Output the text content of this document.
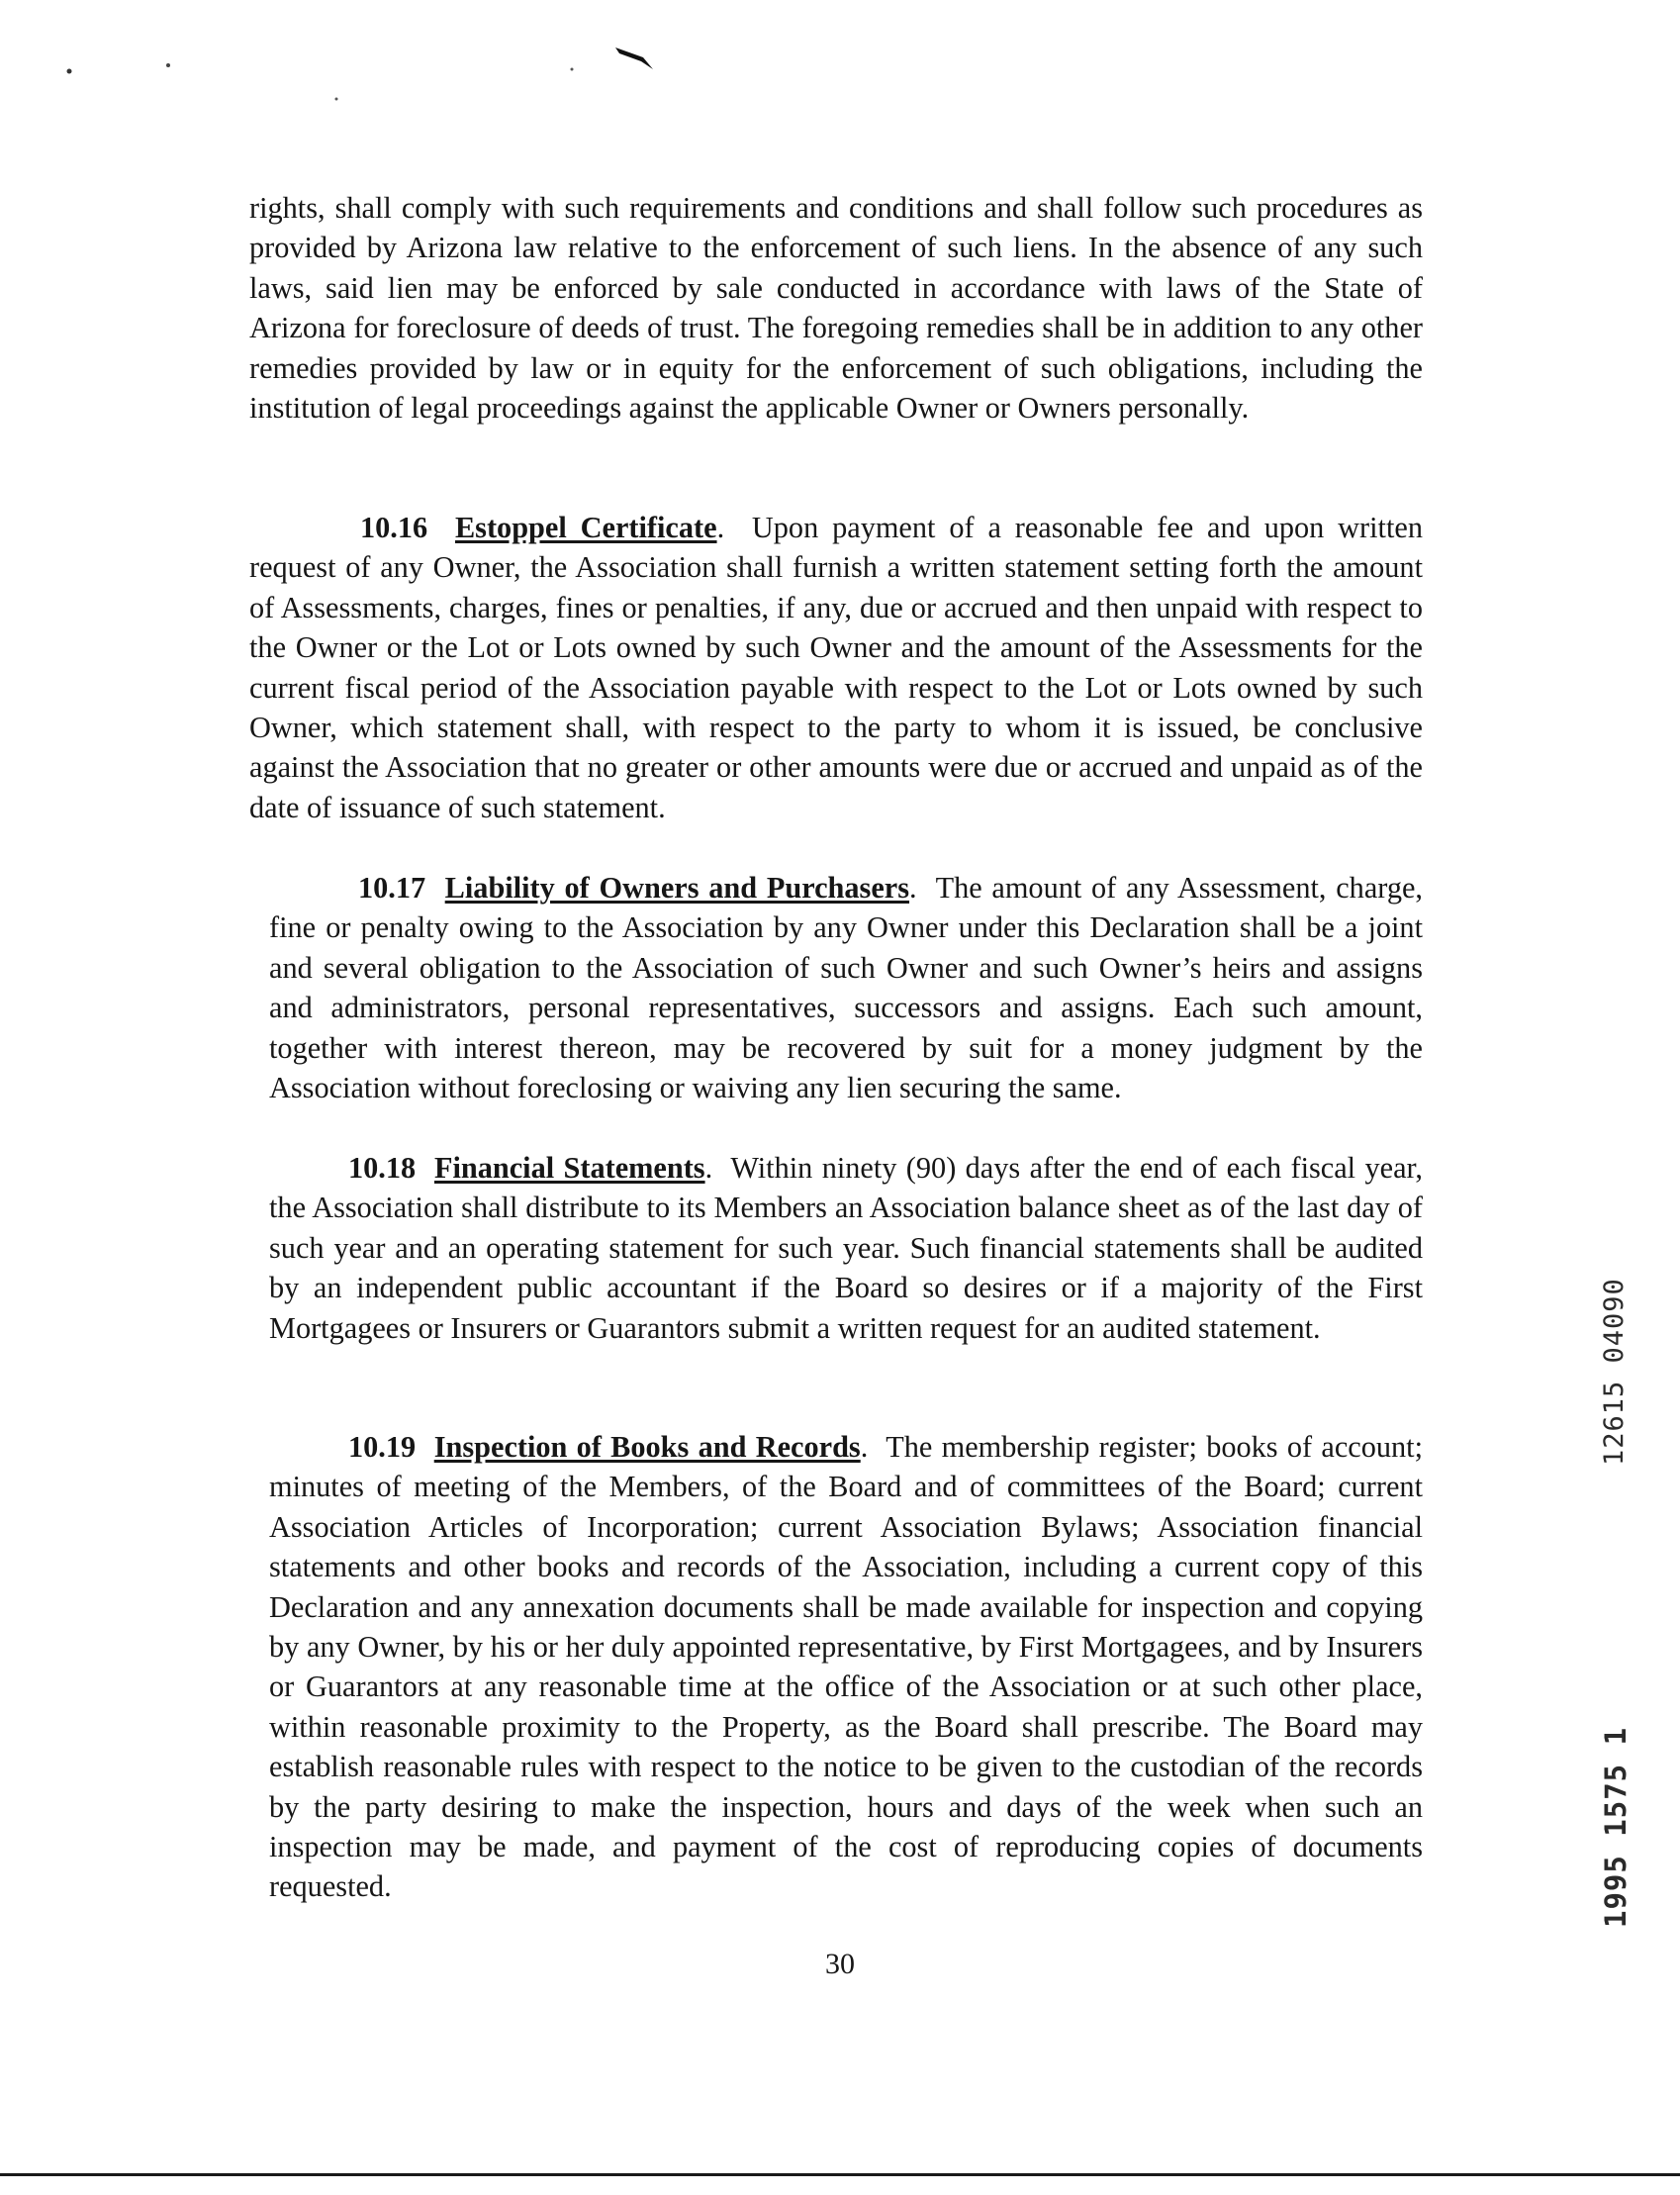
rights, shall comply with such requirements and conditions and shall follow such procedures as provided by Arizona law relative to the enforcement of such liens. In the absence of any such laws, said lien may be enforced by sale conducted in accordance with laws of the State of Arizona for foreclosure of deeds of trust. The foregoing remedies shall be in addition to any other remedies provided by law or in equity for the enforcement of such obligations, including the institution of legal proceedings against the applicable Owner or Owners personally.

10.16 Estoppel Certificate.  Upon payment of a reasonable fee and upon written request of any Owner, the Association shall furnish a written statement setting forth the amount of Assessments, charges, fines or penalties, if any, due or accrued and then unpaid with respect to the Owner or the Lot or Lots owned by such Owner and the amount of the Assessments for the current fiscal period of the Association payable with respect to the Lot or Lots owned by such Owner, which statement shall, with respect to the party to whom it is issued, be conclusive against the Association that no greater or other amounts were due or accrued and unpaid as of the date of issuance of such statement.

10.17 Liability of Owners and Purchasers.  The amount of any Assessment, charge, fine or penalty owing to the Association by any Owner under this Declaration shall be a joint and several obligation to the Association of such Owner and such Owner’s heirs and assigns and administrators, personal representatives, successors and assigns. Each such amount, together with interest thereon, may be recovered by suit for a money judgment by the Association without foreclosing or waiving any lien securing the same.

10.18 Financial Statements.  Within ninety (90) days after the end of each fiscal year, the Association shall distribute to its Members an Association balance sheet as of the last day of such year and an operating statement for such year. Such financial statements shall be audited by an independent public accountant if the Board so desires or if a majority of the First Mortgagees or Insurers or Guarantors submit a written request for an audited statement.

10.19 Inspection of Books and Records.  The membership register; books of account; minutes of meeting of the Members, of the Board and of committees of the Board; current Association Articles of Incorporation; current Association Bylaws; Association financial statements and other books and records of the Association, including a current copy of this Declaration and any annexation documents shall be made available for inspection and copying by any Owner, by his or her duly appointed representative, by First Mortgagees, and by Insurers or Guarantors at any reasonable time at the office of the Association or at such other place, within reasonable proximity to the Property, as the Board shall prescribe. The Board may establish reasonable rules with respect to the notice to be given to the custodian of the records by the party desiring to make the inspection, hours and days of the week when such an inspection may be made, and payment of the cost of reproducing copies of documents requested.

30
12615 04090
1995 1575 1
